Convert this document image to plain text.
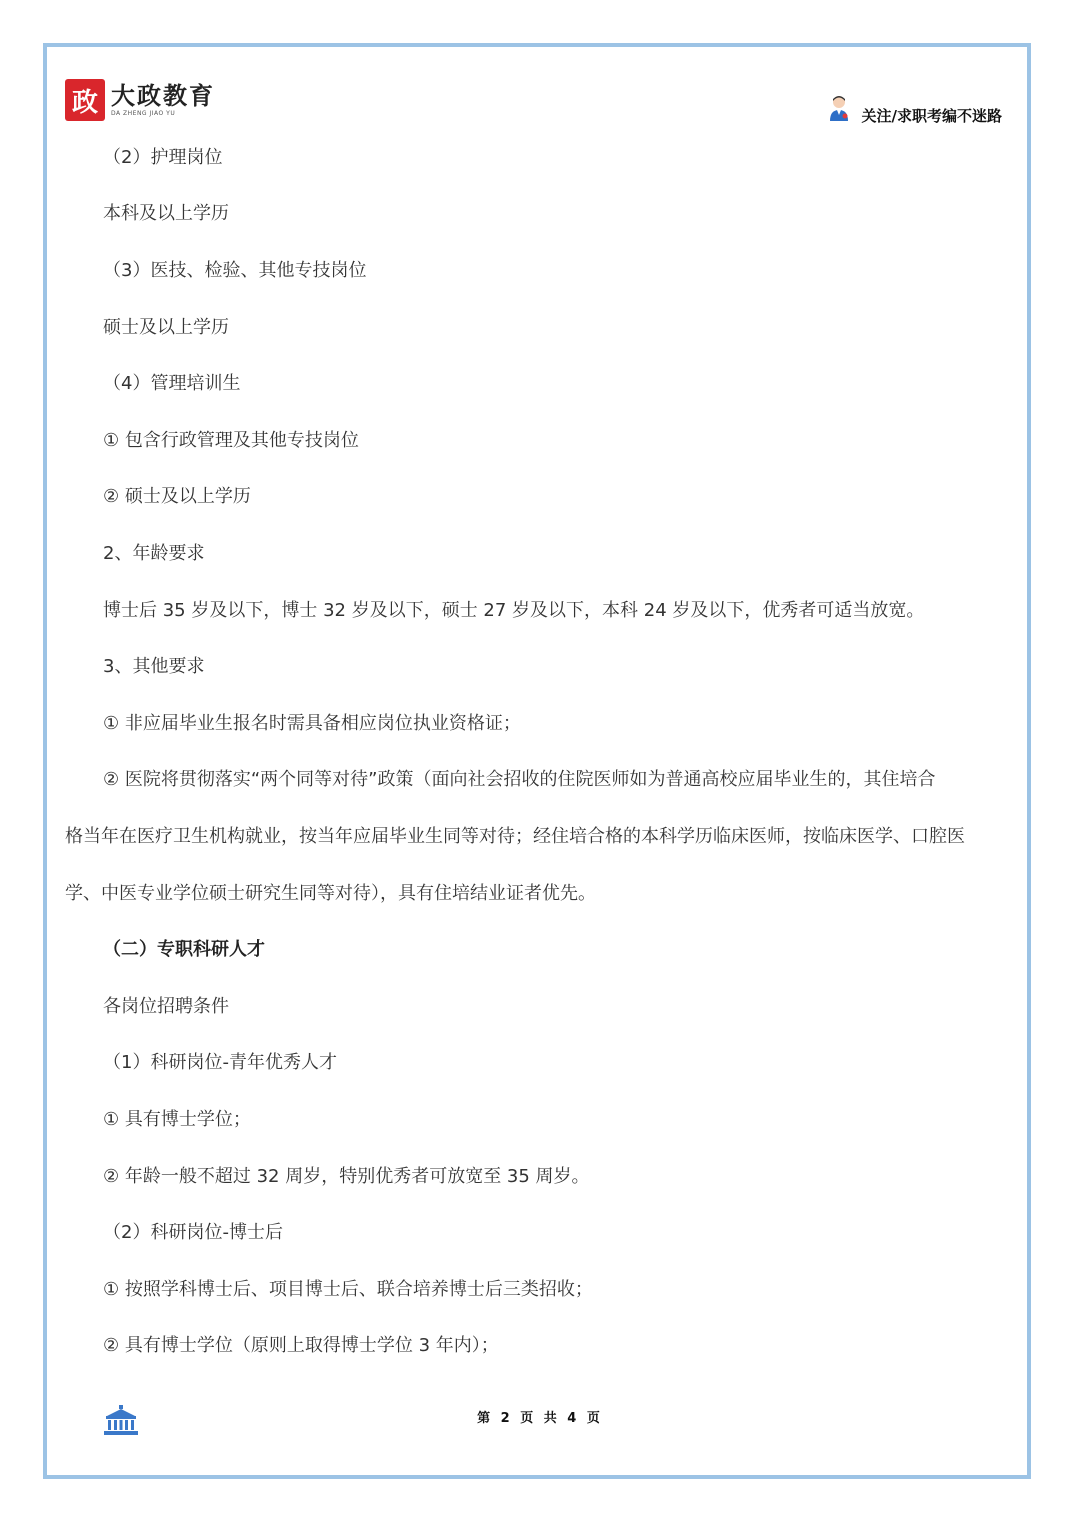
政 大政教育
DA ZHENG JIAO YU	关注/求职考编不迷路
（2）护理岗位
本科及以上学历
（3）医技、检验、其他专技岗位
硕士及以上学历
（4）管理培训生
① 包含行政管理及其他专技岗位
② 硕士及以上学历
2、年龄要求
博士后 35 岁及以下，博士 32 岁及以下，硕士 27 岁及以下，本科 24 岁及以下，优秀者可适当放宽。
3、其他要求
① 非应届毕业生报名时需具备相应岗位执业资格证；
② 医院将贯彻落实“两个同等对待”政策（面向社会招收的住院医师如为普通高校应届毕业生的，其住培合
格当年在医疗卫生机构就业，按当年应届毕业生同等对待；经住培合格的本科学历临床医师，按临床医学、口腔医
学、中医专业学位硕士研究生同等对待），具有住培结业证者优先。
（二）专职科研人才
各岗位招聘条件
（1）科研岗位-青年优秀人才
① 具有博士学位；
② 年龄一般不超过 32 周岁，特别优秀者可放宽至 35 周岁。
（2）科研岗位-博士后
① 按照学科博士后、项目博士后、联合培养博士后三类招收；
② 具有博士学位（原则上取得博士学位 3 年内）；
第 2 页 共 4 页
